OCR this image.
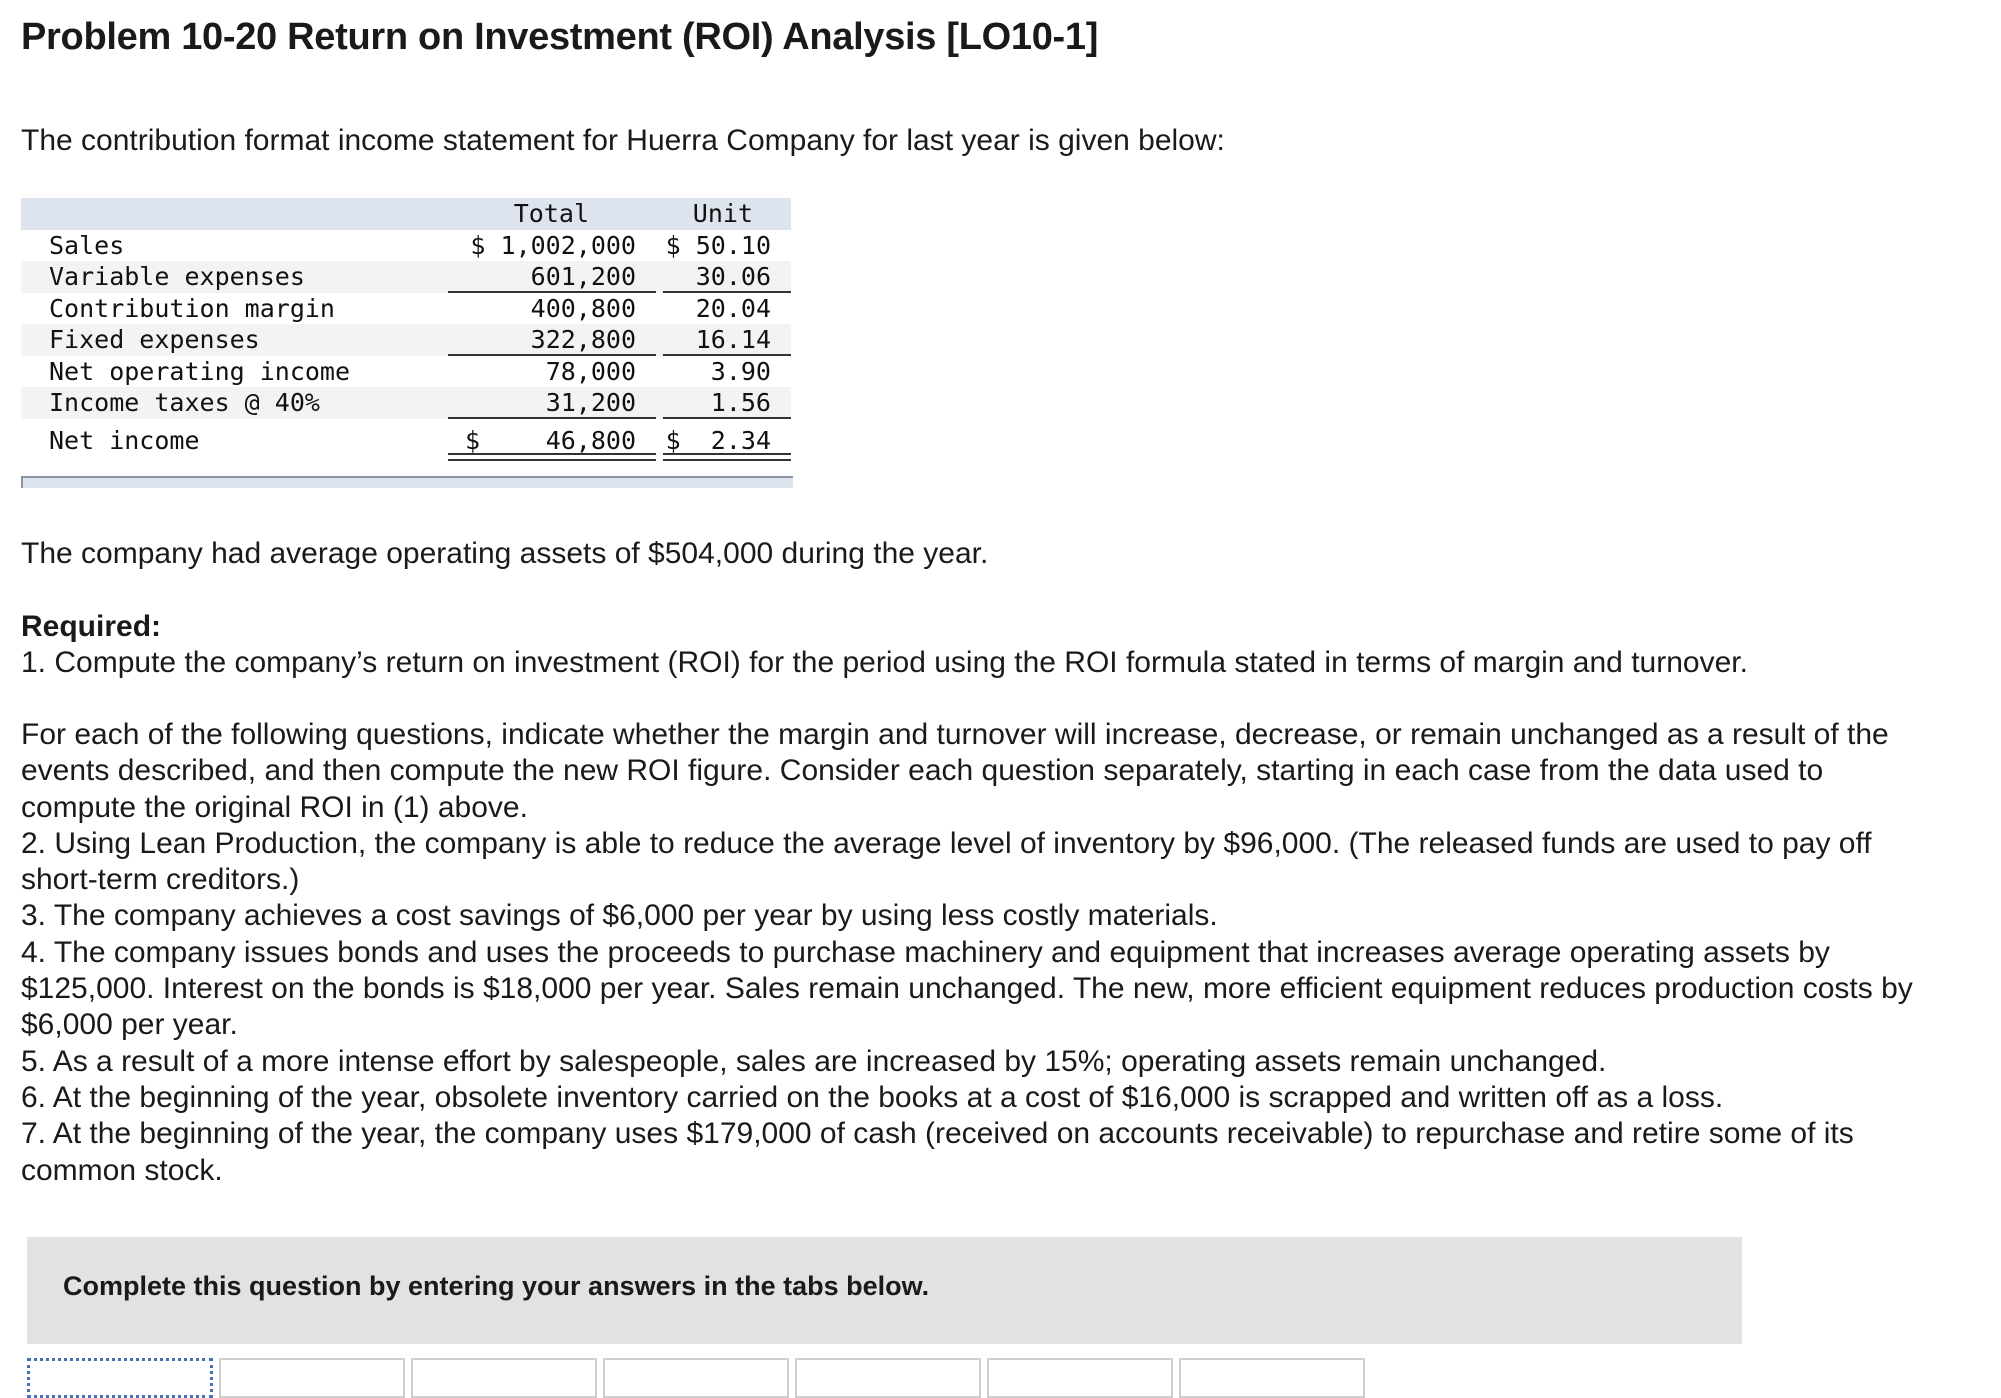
Problem 10-20 Return on Investment (ROI) Analysis [LO10-1]
The contribution format income statement for Huerra Company for last year is given below:
Total	Unit
Sales	$ 1,002,000 $ 50.10
Variable expenses	601,200 30.06
Contribution margin	400,800 20.04
Fixed expenses	322,800 16.14
Net operating income	78,000	3.90
Income taxes @ 40%	31,200	1.56
Net income	$	46,800 $  2.34
The company had average operating assets of $504,000 during the year.
Required:
1. Compute the company’s return on investment (ROI) for the period using the ROI formula stated in terms of margin and turnover.

For each of the following questions, indicate whether the margin and turnover will increase, decrease, or remain unchanged as a result of the events described, and then compute the new ROI figure. Consider each question separately, starting in each case from the data used to compute the original ROI in (1) above.

2. Using Lean Production, the company is able to reduce the average level of inventory by $96,000. (The released funds are used to pay off short-term creditors.)

3. The company achieves a cost savings of $6,000 per year by using less costly materials.

4. The company issues bonds and uses the proceeds to purchase machinery and equipment that increases average operating assets by $125,000. Interest on the bonds is $18,000 per year. Sales remain unchanged. The new, more efficient equipment reduces production costs by $6,000 per year.

5. As a result of a more intense effort by salespeople, sales are increased by 15%; operating assets remain unchanged.

6. At the beginning of the year, obsolete inventory carried on the books at a cost of $16,000 is scrapped and written off as a loss.

7. At the beginning of the year, the company uses $179,000 of cash (received on accounts receivable) to repurchase and retire some of its common stock.

Complete this question by entering your answers in the tabs below.
